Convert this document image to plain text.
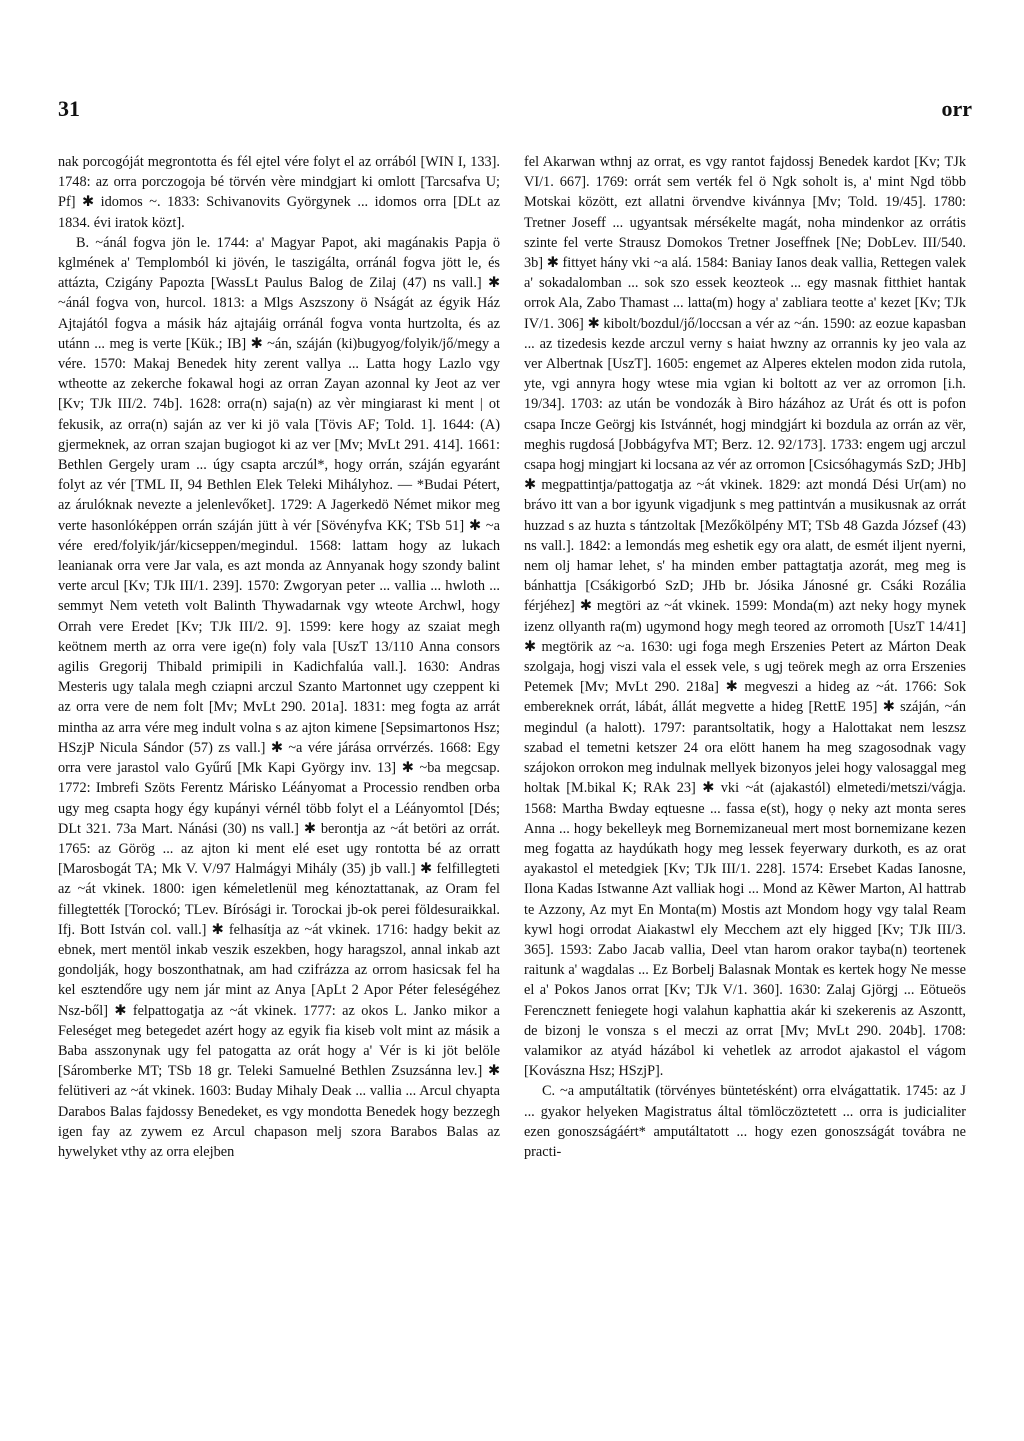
31	orr

nak porcogóját megrontotta és fél ejtel vére folyt el az orrából [WIN I, 133]. 1748: az orra porczogoja bé törvén vère mindgjart ki omlott [Tarcsafva U; Pf] ✱ idomos ~. 1833: Schivanovits Györgynek ... idomos orra [DLt az 1834. évi iratok közt].

B. ~ánál fogva jön le. 1744: a' Magyar Papot, aki magánakis Papja ö kglmének a' Templomból ki jövén, le taszigálta, orránál fogva jött le, és attázta, Czigány Papozta [WassLt Paulus Balog de Zilaj (47) ns vall.] ✱ ~ánál fogva von, hurcol. 1813: a Mlgs Aszszony ö Nságát az égyik Ház Ajtajától fogva a másik ház ajtajáig orránál fogva vonta hurtzolta, és az utánn ... meg is verte [Kük.; IB] ✱ ~án, száján (ki)bugyog/folyik/jő/megy a vére. 1570: Makaj Benedek hity zerent vallya ... Latta hogy Lazlo vgy wtheotte az zekerche fokawal hogi az orran Zayan azonnal ky Jeot az ver [Kv; TJk III/2. 74b]. 1628: orra(n) saja(n) az vèr mingiarast ki ment | ot fekusik, az orra(n) saján az ver ki jö vala [Tövis AF; Told. 1]. 1644: (A) gjermeknek, az orran szajan bugiogot ki az ver [Mv; MvLt 291. 414]. 1661: Bethlen Gergely uram ... úgy csapta arczúl*, hogy orrán, száján egyaránt folyt az vér [TML II, 94 Bethlen Elek Teleki Mihályhoz. — *Budai Pétert, az árulóknak nevezte a jelenlevőket]. 1729: A Jagerkedö Német mikor meg verte hasonlóképpen orrán száján jütt à vér [Sövényfva KK; TSb 51] ✱ ~a vére ered/folyik/jár/kicseppen/megindul. 1568: lattam hogy az lukach leanianak orra vere Jar vala, es azt monda az Annyanak hogy szondy balint verte arcul [Kv; TJk III/1. 239]. 1570: Zwgoryan peter ... vallia ... hwloth ... semmyt Nem veteth volt Balinth Thywadarnak vgy wteote Archwl, hogy Orrah vere Eredet [Kv; TJk III/2. 9]. 1599: kere hogy az szaiat megh keötnem merth az orra vere ige(n) foly vala [UszT 13/110 Anna consors agilis Gregorij Thibald primipili in Kadichfalúa vall.]. 1630: Andras Mesteris ugy talala megh cziapni arczul Szanto Martonnet ugy czeppent ki az orra vere de nem folt [Mv; MvLt 290. 201a]. 1831: meg fogta az arrát mintha az arra vére meg indult volna s az ajton kimene [Sepsimartonos Hsz; HSzjP Nicula Sándor (57) zs vall.] ✱ ~a vére járása orrvérzés. 1668: Egy orra vere jarastol valo Gyűrű [Mk Kapi György inv. 13] ✱ ~ba megcsap. 1772: Imbrefi Szöts Ferentz Márisko Léányomat a Processio rendben orba ugy meg csapta hogy égy kupányi vérnél több folyt el a Léányomtol [Dés; DLt 321. 73a Mart. Nánási (30) ns vall.] ✱ berontja az ~át betöri az orrát. 1765: az Görög ... az ajton ki ment elé eset ugy rontotta bé az orratt [Marosbogát TA; Mk V. V/97 Halmágyi Mihály (35) jb vall.] ✱ felfillegteti az ~át vkinek. 1800: igen kémeletlenül meg kénoztattanak, az Oram fel fillegtették [Torockó; TLev. Bírósági ir. Torockai jb-ok perei földesuraikkal. Ifj. Bott István col. vall.] ✱ felhasítja az ~át vkinek. 1716: hadgy bekit az ebnek, mert mentöl inkab veszik eszekben, hogy haragszol, annal inkab azt gondolják, hogy boszonthatnak, am had czifrázza az orrom hasicsak fel ha kel esztendőre ugy nem jár mint az Anya [ApLt 2 Apor Péter feleségéhez Nsz-ből] ✱ felpattogatja az ~át vkinek. 1777: az okos L. Janko mikor a Feleséget meg betegedet azért hogy az egyik fia kiseb volt mint az másik a Baba asszonynak ugy fel patogatta az orát hogy a' Vér is ki jöt belöle [Sáromberke MT; TSb 18 gr. Teleki Samuelné Bethlen Zsuzsánna lev.] ✱ felütiveri az ~át vkinek. 1603: Buday Mihaly Deak ... vallia ... Arcul chyapta Darabos Balas fajdossy Benedeket, es vgy mondotta Benedek hogy bezzegh igen fay az zywem ez Arcul chapason melj szora Barabos Balas az hywelyket vthy az orra elejben

fel Akarwan wthnj az orrat, es vgy rantot fajdossj Benedek kardot [Kv; TJk VI/1. 667]. 1769: orrát sem verték fel ö Ngk soholt is, a' mint Ngd több Motskai között, ezt allatni örvendve kivánnya [Mv; Told. 19/45]. 1780: Tretner Joseff ... ugyantsak mérsékelte magát, noha mindenkor az orrátis szinte fel verte Strausz Domokos Tretner Joseffnek [Ne; DobLev. III/540. 3b] ✱ fittyet hány vki ~a alá. 1584: Baniay Ianos deak vallia, Rettegen valek a' sokadalomban ... sok szo essek keozteok ... egy masnak fitthiet hantak orrok Ala, Zabo Thamast ... latta(m) hogy a' zabliara teotte a' kezet [Kv; TJk IV/1. 306] ✱ kibolt/bozdul/jő/loccsan a vér az ~án. 1590: az eozue kapasban ... az tizedesis kezde arczul verny s haiat hwzny az orrannis ky jeo vala az ver Albertnak [UszT]. 1605: engemet az Alperes ektelen modon zida rutola, yte, vgi annyra hogy wtese mia vgian ki boltott az ver az orromon [i.h. 19/34]. 1703: az után be vondozák à Biro házához az Urát és ott is pofon csapa Incze Geörgj kis Istvánnét, hogj mindgjárt ki bozdula az orrán az vër, meghis rugdosá [Jobbágyfva MT; Berz. 12. 92/173]. 1733: engem ugj arczul csapa hogj mingjart ki locsana az vér az orromon [Csicsóhagymás SzD; JHb] ✱ megpattintja/pattogatja az ~át vkinek. 1829: azt mondá Dési Ur(am) no brávo itt van a bor igyunk vigadjunk s meg pattintván a musikusnak az orrát huzzad s az huzta s tántzoltak [Mezőkölpény MT; TSb 48 Gazda József (43) ns vall.]. 1842: a lemondás meg eshetik egy ora alatt, de esmét iljent nyerni, nem olj hamar lehet, s' ha minden ember pattagtatja azorát, meg meg is bánhattja [Csákigorbó SzD; JHb br. Jósika Jánosné gr. Csáki Rozália férjéhez] ✱ megtöri az ~át vkinek. 1599: Monda(m) azt neky hogy mynek izenz ollyanth ra(m) ugymond hogy megh teored az orromoth [UszT 14/41] ✱ megtörik az ~a. 1630: ugi foga megh Erszenies Petert az Márton Deak szolgaja, hogj viszi vala el essek vele, s ugj teörek megh az orra Erszenies Petemek [Mv; MvLt 290. 218a] ✱ megveszi a hideg az ~át. 1766: Sok embereknek orrát, lábát, állát megvette a hideg [RettE 195] ✱ száján, ~án megindul (a halott). 1797: parantsoltatik, hogy a Halottakat nem leszsz szabad el temetni ketszer 24 ora elött hanem ha meg szagosodnak vagy szájokon orrokon meg indulnak mellyek bizonyos jelei hogy valosaggal meg holtak [M.bikal K; RAk 23] ✱ vki ~át (ajakastól) elmetedi/metszi/vágja. 1568: Martha Bwday eqtuesne ... fassa e(st), hogy ọ neky azt monta seres Anna ... hogy bekelleyk meg Bornemizaneual mert most bornemizane kezen meg fogatta az haydúkath hogy meg lessek feyerwary durkoth, es az orat ayakastol el metedgiek [Kv; TJk III/1. 228]. 1574: Ersebet Kadas Ianosne, Ilona Kadas Istwanne Azt valliak hogi ... Mond az Kẽwer Marton, Al hattrab te Azzony, Az myt En Monta(m) Mostis azt Mondom hogy vgy talal Ream kywl hogi orrodat Aiakastwl ely Mecchem azt ely higged [Kv; TJk III/3. 365]. 1593: Zabo Jacab vallia, Deel vtan harom orakor tayba(n) teortenek raitunk a' wagdalas ... Ez Borbelj Balasnak Montak es kertek hogy Ne messe el a' Pokos Janos orrat [Kv; TJk V/1. 360]. 1630: Zalaj Gjörgj ... Eötueös Ferencznett feniegete hogi valahun kaphattia akár ki szekerenis az Aszontt, de bizonj le vonsza s el meczi az orrat [Mv; MvLt 290. 204b]. 1708: valamikor az atyád házábol ki vehetlek az arrodot ajakastol el vágom [Kovászna Hsz; HSzjP].

C. ~a amputáltatik (törvényes büntetésként) orra elvágattatik. 1745: az J ... gyakor helyeken Magistratus által tömlöczöztetett ... orra is judicialiter ezen gonoszságáért* amputáltatott ... hogy ezen gonoszságát továbra ne practi-
